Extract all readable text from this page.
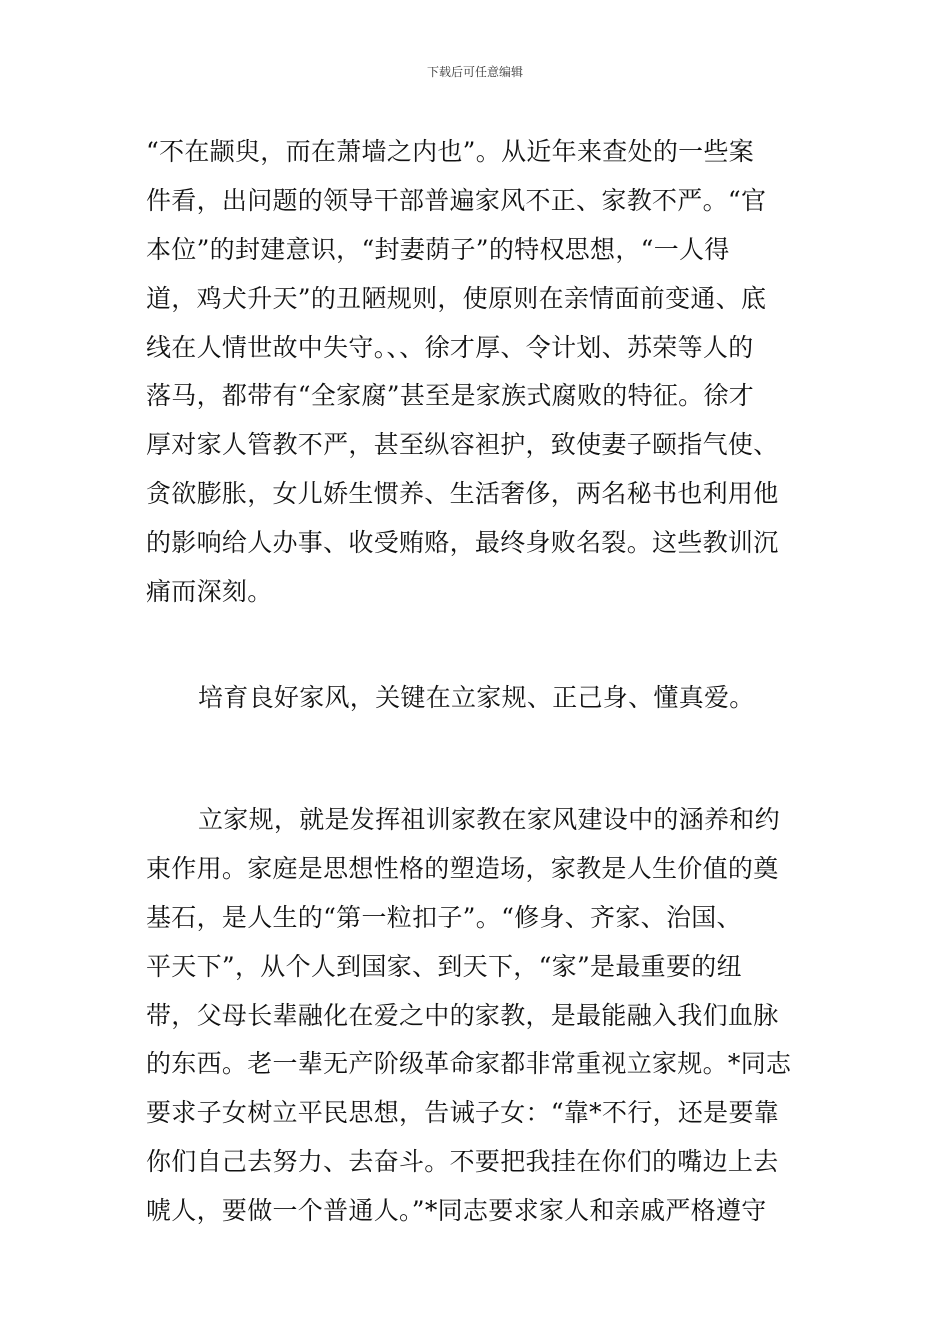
下载后可任意编辑
“不在颛臾，而在萧墙之内也”。从近年来查处的一些案
件看，出问题的领导干部普遍家风不正、家教不严。“官
本位”的封建意识，“封妻荫子”的特权思想，“一人得
道，鸡犬升天”的丑陋规则，使原则在亲情面前变通、底
线在人情世故中失守。、、徐才厚、令计划、苏荣等人的
落马，都带有“全家腐”甚至是家族式腐败的特征。徐才
厚对家人管教不严，甚至纵容袒护，致使妻子颐指气使、
贪欲膨胀，女儿娇生惯养、生活奢侈，两名秘书也利用他
的影响给人办事、收受贿赂，最终身败名裂。这些教训沉
痛而深刻。
培育良好家风，关键在立家规、正己身、懂真爱。
立家规，就是发挥祖训家教在家风建设中的涵养和约
束作用。家庭是思想性格的塑造场，家教是人生价值的奠
基石，是人生的“第一粒扣子”。“修身、齐家、治国、
平天下”，从个人到国家、到天下，“家”是最重要的纽
带，父母长辈融化在爱之中的家教，是最能融入我们血脉
的东西。老一辈无产阶级革命家都非常重视立家规。*同志
要求子女树立平民思想，告诫子女：“靠*不行，还是要靠
你们自己去努力、去奋斗。不要把我挂在你们的嘴边上去
唬人，要做一个普通人。”*同志要求家人和亲戚严格遵守
